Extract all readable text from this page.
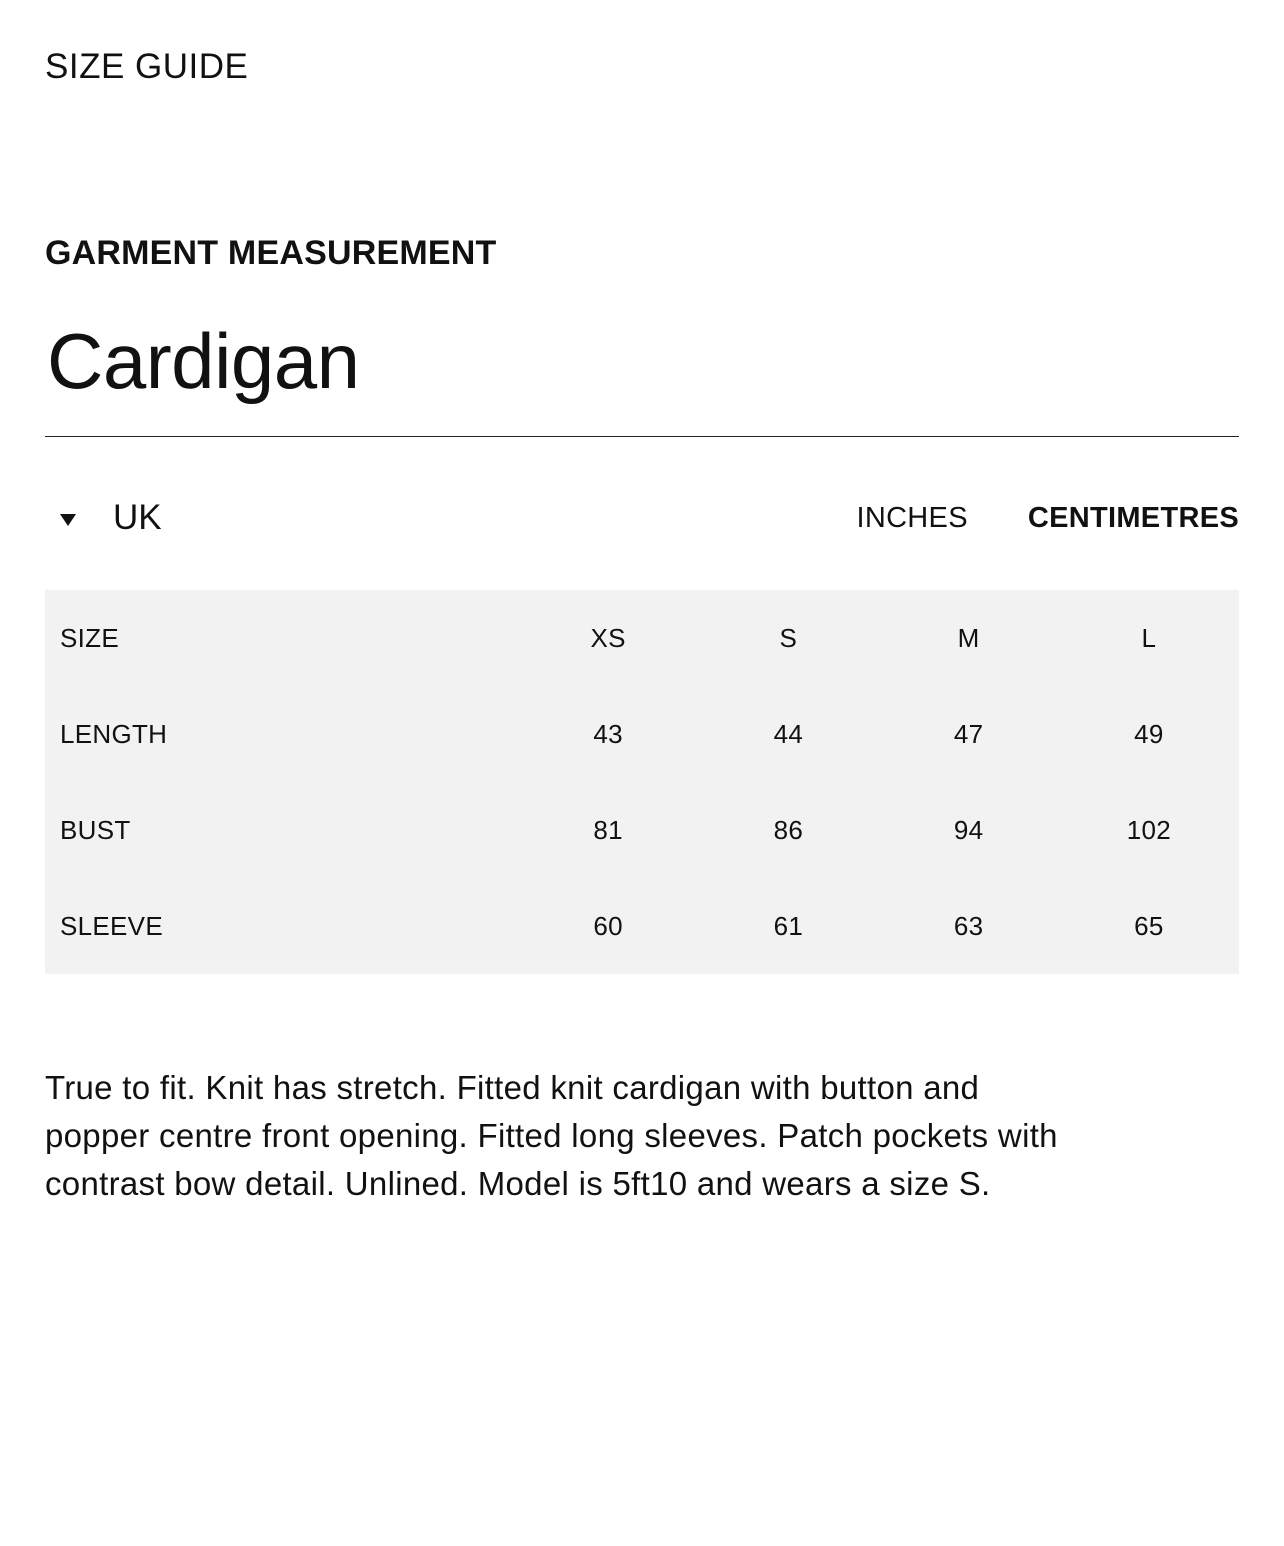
SIZE GUIDE
GARMENT MEASUREMENT
Cardigan
UK	INCHES CENTIMETRES
SIZE	XS	S	M	L
LENGTH	43	44	47	49
BUST	81	86	94	102
SLEEVE	60	61	63	65

True to fit. Knit has stretch. Fitted knit cardigan with button and popper centre front opening. Fitted long sleeves. Patch pockets with contrast bow detail. Unlined. Model is 5ft10 and wears a size S.
